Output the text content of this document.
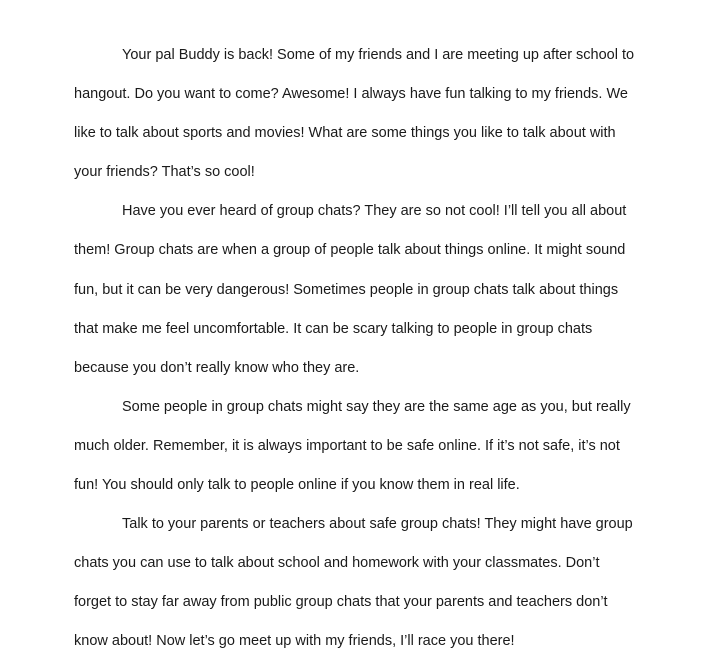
Your pal Buddy is back! Some of my friends and I are meeting up after school to
hangout. Do you want to come? Awesome! I always have fun talking to my friends. We
like to talk about sports and movies! What are some things you like to talk about with
your friends? That’s so cool!
Have you ever heard of group chats? They are so not cool! I’ll tell you all about
them! Group chats are when a group of people talk about things online. It might sound
fun, but it can be very dangerous! Sometimes people in group chats talk about things
that make me feel uncomfortable. It can be scary talking to people in group chats
because you don’t really know who they are.
Some people in group chats might say they are the same age as you, but really
much older. Remember, it is always important to be safe online. If it’s not safe, it’s not
fun! You should only talk to people online if you know them in real life.
Talk to your parents or teachers about safe group chats! They might have group
chats you can use to talk about school and homework with your classmates. Don’t
forget to stay far away from public group chats that your parents and teachers don’t
know about! Now let’s go meet up with my friends, I’ll race you there!
